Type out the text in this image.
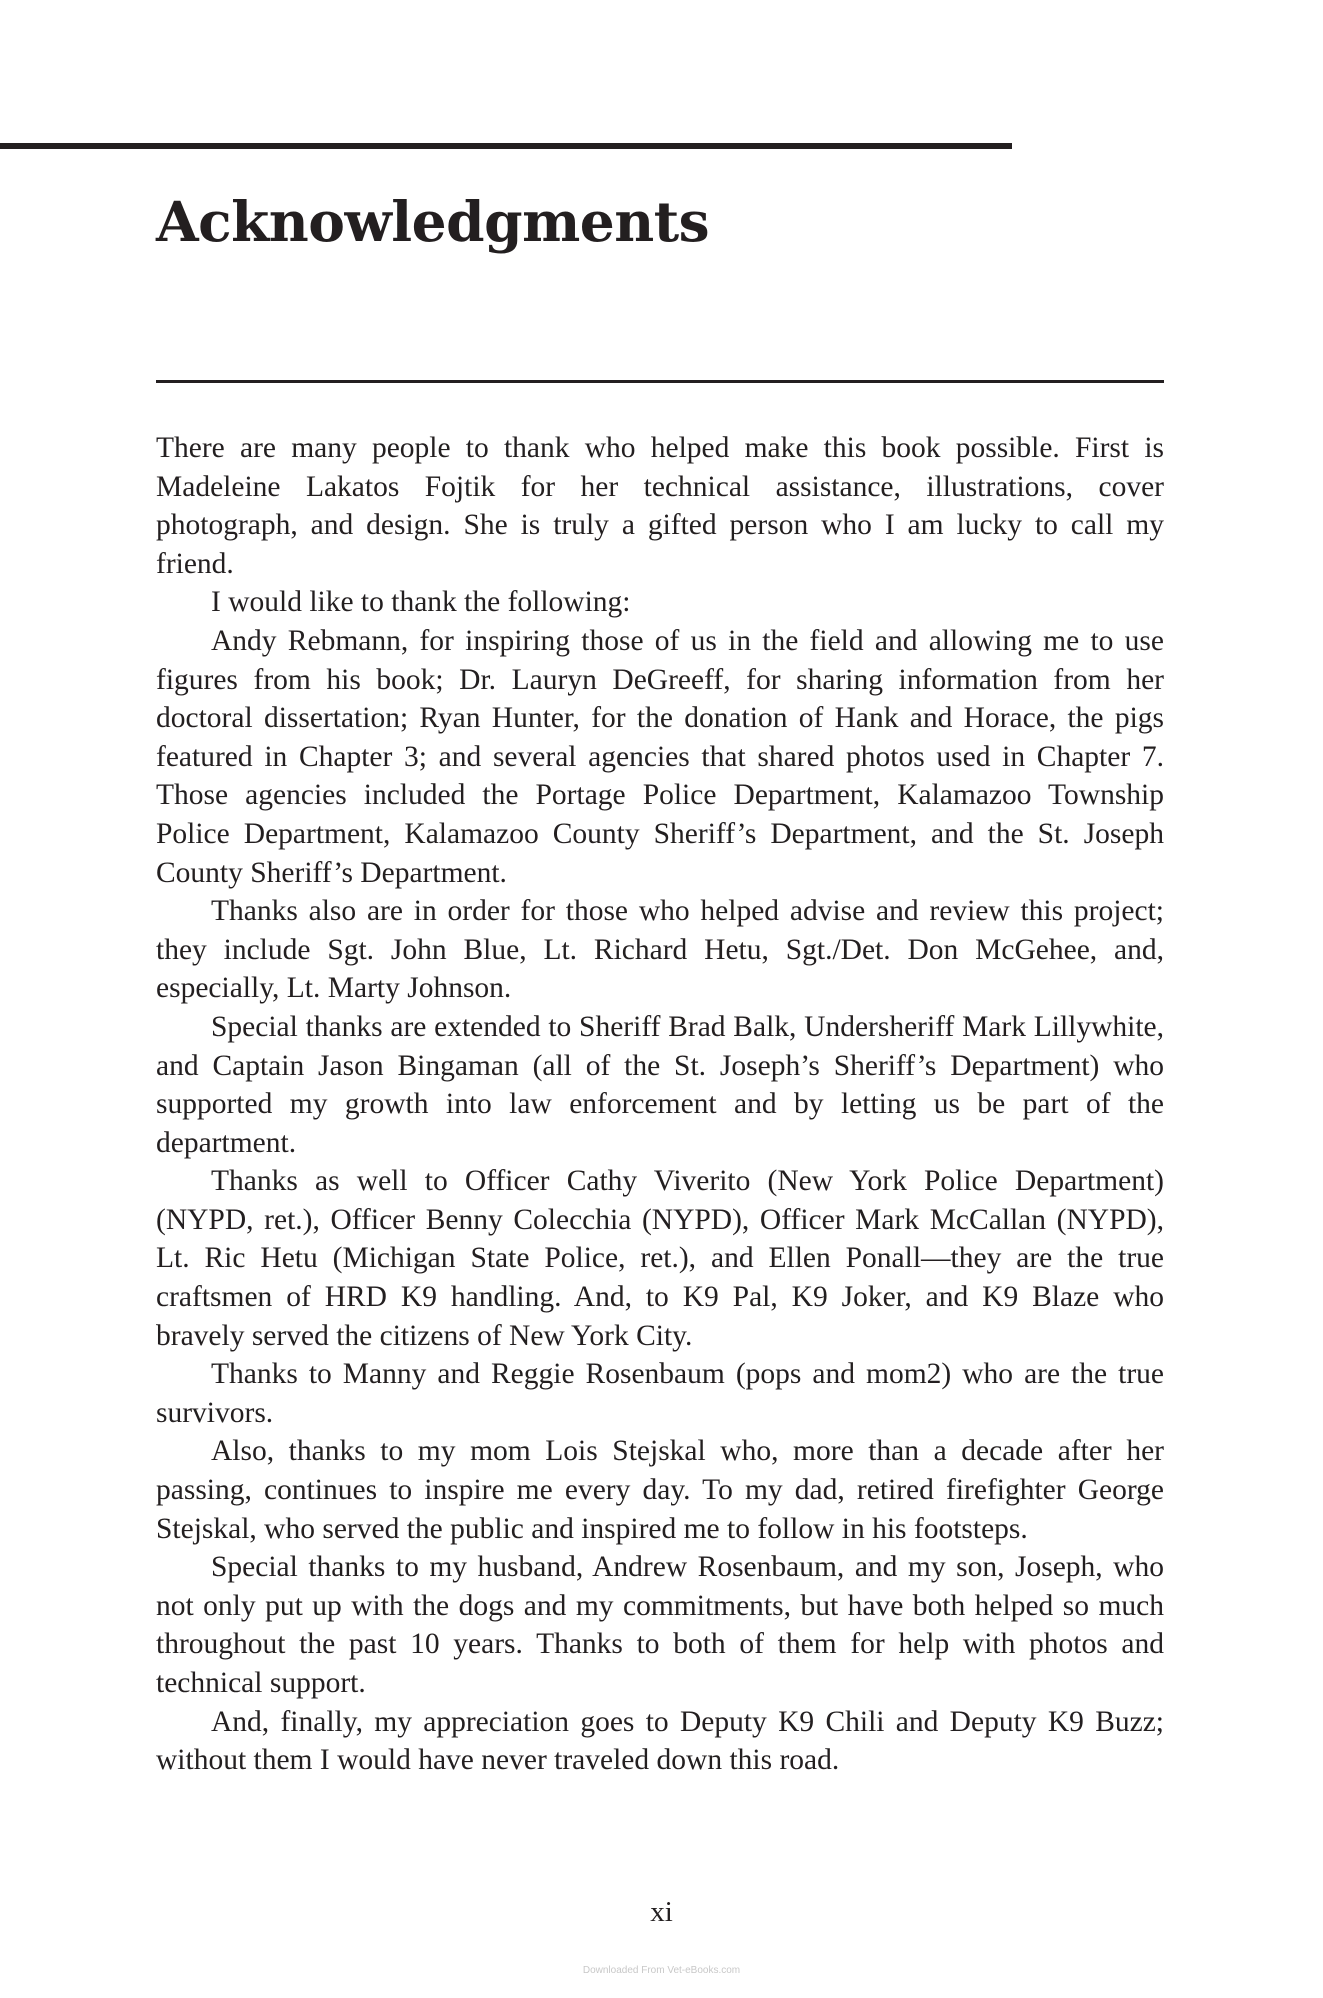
Acknowledgments

There are many people to thank who helped make this book possible. First is Madeleine Lakatos Fojtik for her technical assistance, illustrations, cover photograph, and design. She is truly a gifted person who I am lucky to call my friend.

I would like to thank the following:

Andy Rebmann, for inspiring those of us in the field and allowing me to use figures from his book; Dr. Lauryn DeGreeff, for sharing information from her doctoral dissertation; Ryan Hunter, for the donation of Hank and Horace, the pigs featured in Chapter 3; and several agencies that shared photos used in Chapter 7. Those agencies included the Portage Police Department, Kalamazoo Township Police Department, Kalamazoo County Sheriff’s Department, and the St. Joseph County Sheriff’s Department.

Thanks also are in order for those who helped advise and review this project; they include Sgt. John Blue, Lt. Richard Hetu, Sgt./Det. Don McGehee, and, especially, Lt. Marty Johnson.

Special thanks are extended to Sheriff Brad Balk, Undersheriff Mark Lillywhite, and Captain Jason Bingaman (all of the St. Joseph’s Sheriff’s Department) who supported my growth into law enforcement and by letting us be part of the department.

Thanks as well to Officer Cathy Viverito (New York Police Department) (NYPD, ret.), Officer Benny Colecchia (NYPD), Officer Mark McCallan (NYPD), Lt. Ric Hetu (Michigan State Police, ret.), and Ellen Ponall—they are the true craftsmen of HRD K9 handling. And, to K9 Pal, K9 Joker, and K9 Blaze who bravely served the citizens of New York City.

Thanks to Manny and Reggie Rosenbaum (pops and mom2) who are the true survivors.

Also, thanks to my mom Lois Stejskal who, more than a decade after her passing, continues to inspire me every day. To my dad, retired firefighter George Stejskal, who served the public and inspired me to follow in his footsteps.

Special thanks to my husband, Andrew Rosenbaum, and my son, Joseph, who not only put up with the dogs and my commitments, but have both helped so much throughout the past 10 years. Thanks to both of them for help with photos and technical support.

And, finally, my appreciation goes to Deputy K9 Chili and Deputy K9 Buzz; without them I would have never traveled down this road.

xi
Downloaded From Vet-eBooks.com
